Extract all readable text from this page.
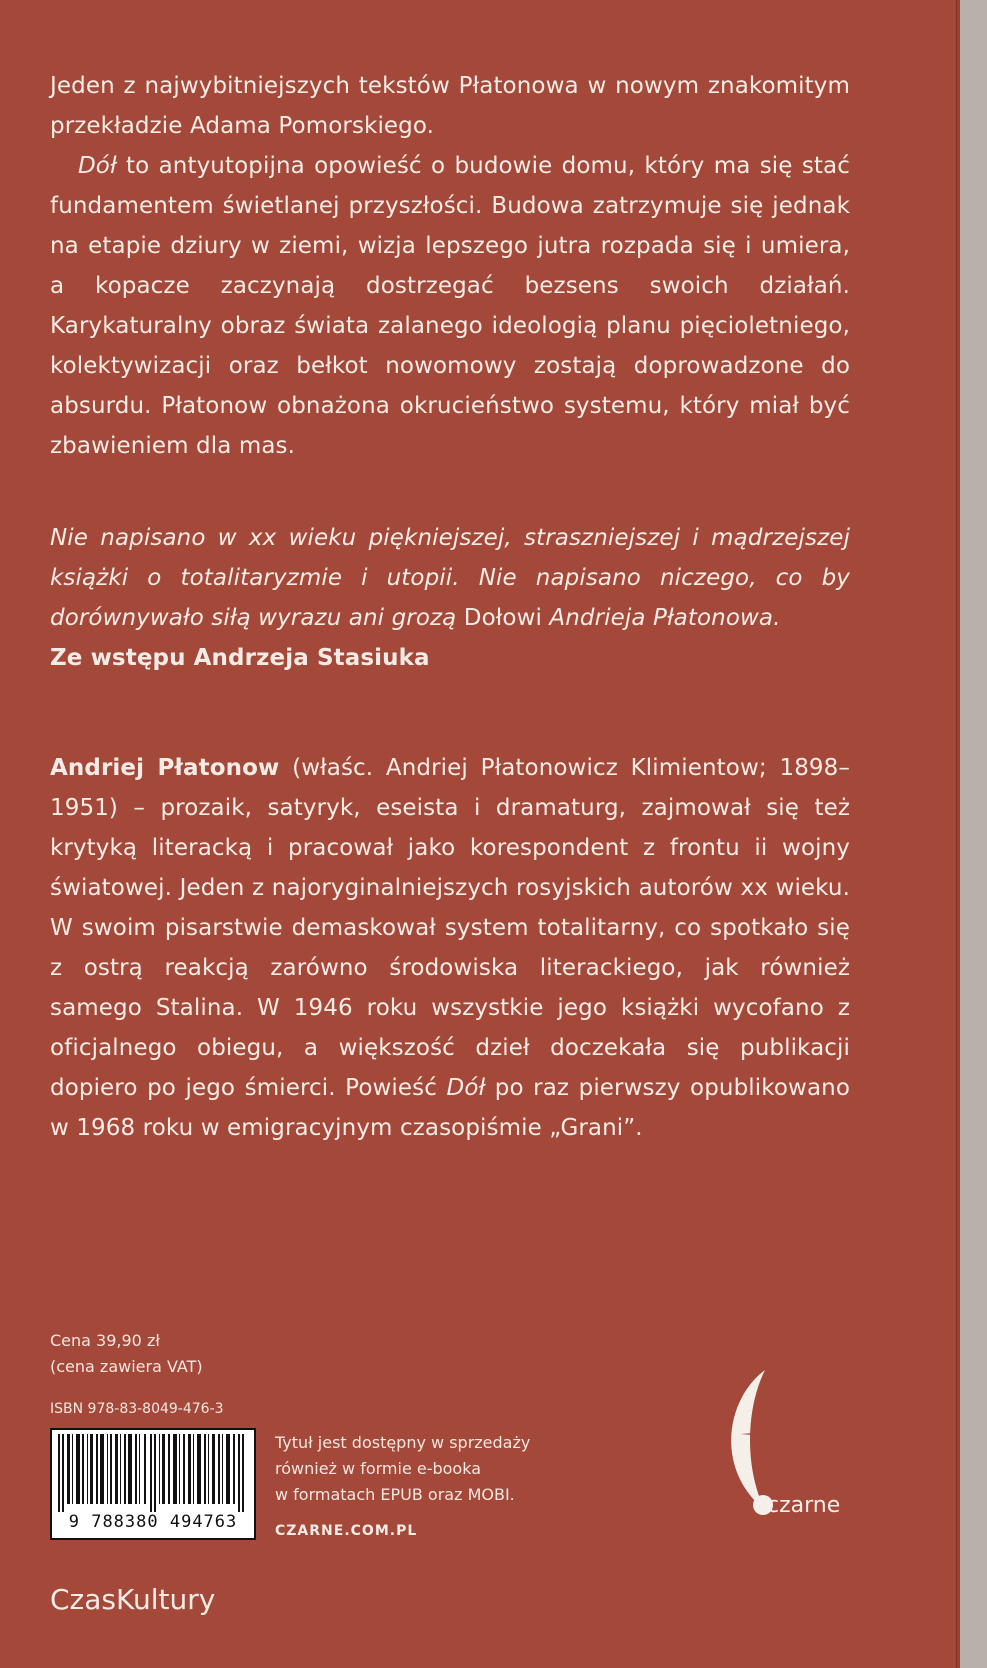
Jeden z najwybitniejszych tekstów Płatonowa w nowym znakomitym przekładzie Adama Pomorskiego.

Dół to antyutopijna opowieść o budowie domu, który ma się stać fundamentem świetlanej przyszłości. Budowa zatrzymuje się jednak na etapie dziury w ziemi, wizja lepszego jutra rozpada się i umiera, a kopacze zaczynają dostrzegać bezsens swoich działań. Karykaturalny obraz świata zalanego ideologią planu pięcioletniego, kolektywizacji oraz bełkot nowomowy zostają doprowadzone do absurdu. Płatonow obnażona okrucieństwo systemu, który miał być zbawieniem dla mas.

Nie napisano w xx wieku piękniejszej, straszniejszej i mądrzejszej książki o totalitaryzmie i utopii. Nie napisano niczego, co by dorównywało siłą wyrazu ani grozą Dołowi Andrieja Płatonowa.

Ze wstępu Andrzeja Stasiuka

Andriej Płatonow (właśc. Andriej Płatonowicz Klimientow; 1898–1951) – prozaik, satyryk, eseista i dramaturg, zajmował się też krytyką literacką i pracował jako korespondent z frontu ii wojny światowej. Jeden z najoryginalniejszych rosyjskich autorów xx wieku. W swoim pisarstwie demaskował system totalitarny, co spotkało się z ostrą reakcją zarówno środowiska literackiego, jak również samego Stalina. W 1946 roku wszystkie jego książki wycofano z oficjalnego obiegu, a większość dzieł doczekała się publikacji dopiero po jego śmierci. Powieść Dół po raz pierwszy opublikowano w 1968 roku w emigracyjnym czasopiśmie „Grani”.

Cena 39,90 zł
(cena zawiera VAT)
ISBN 978-83-8049-476-3
9 788380 494763
Tytuł jest dostępny w sprzedaży
również w formie e-booka
w formatach EPUB oraz MOBI.
CZARNE.COM.PL
czarne
CzasKultury
